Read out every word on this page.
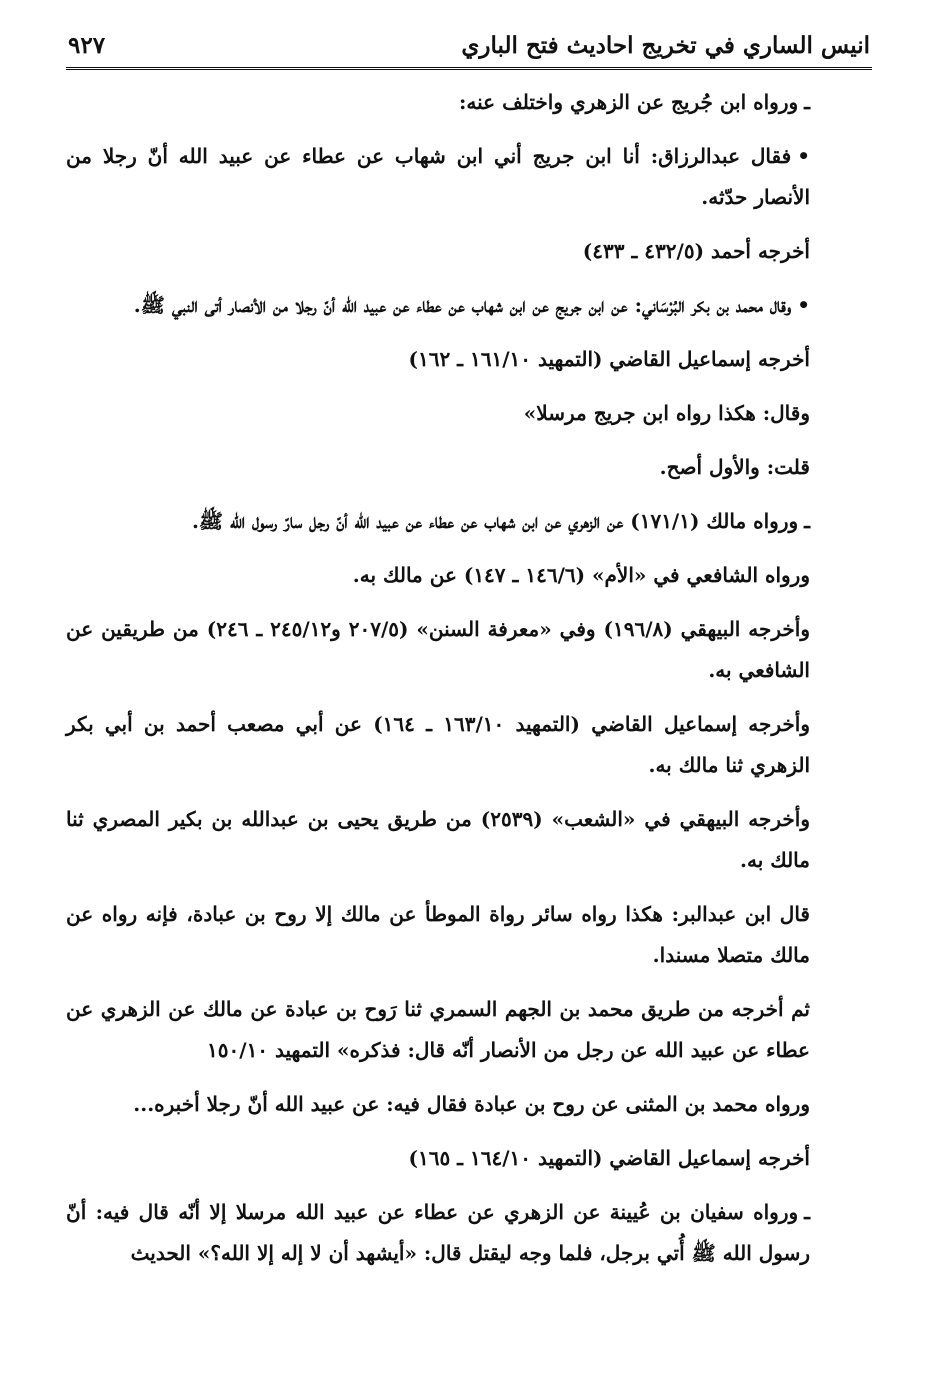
انيس الساري في تخريج احاديث فتح الباري
٩٢٧

ـورواه ابن جُريج عن الزهري واختلف عنه:

•فقال عبدالرزاق: أنا ابن جريج أني ابن شهاب عن عطاء عن عبيد الله أنّ رجلا من الأنصار حدّثه.

أخرجه أحمد (٤٣٢/٥ ـ ٤٣٣)

•وقال محمد بن بكر البُرْسَاني: عن ابن جريج عن ابن شهاب عن عطاء عن عبيد الله أنّ رجلا من الأنصار أتى النبي ﷺ.

أخرجه إسماعيل القاضي (التمهيد ١٦١/١٠ ـ ١٦٢)

وقال: هكذا رواه ابن جريج مرسلا»

قلت: والأول أصح.

ـورواه مالك (١٧١/١) عن الزهري عن ابن شهاب عن عطاء عن عبيد الله أنّ رجل سارّ رسول الله ﷺ.

ورواه الشافعي في «الأم» (١٤٦/٦ ـ ١٤٧) عن مالك به.

وأخرجه البيهقي (١٩٦/٨) وفي «معرفة السنن» (٢٠٧/٥ و٢٤٥/١٢ ـ ٢٤٦) من طريقين عن الشافعي به.

وأخرجه إسماعيل القاضي (التمهيد ١٦٣/١٠ ـ ١٦٤) عن أبي مصعب أحمد بن أبي بكر الزهري ثنا مالك به.

وأخرجه البيهقي في «الشعب» (٢٥٣٩) من طريق يحيى بن عبدالله بن بكير المصري ثنا مالك به.

قال ابن عبدالبر: هكذا رواه سائر رواة الموطأ عن مالك إلا روح بن عبادة، فإنه رواه عن مالك متصلا مسندا.

ثم أخرجه من طريق محمد بن الجهم السمري ثنا رَوح بن عبادة عن مالك عن الزهري عن عطاء عن عبيد الله عن رجل من الأنصار أنّه قال: فذكره» التمهيد ١٥٠/١٠

ورواه محمد بن المثنى عن روح بن عبادة فقال فيه: عن عبيد الله أنّ رجلا أخبره...

أخرجه إسماعيل القاضي (التمهيد ١٦٤/١٠ ـ ١٦٥)

ـورواه سفيان بن عُيينة عن الزهري عن عطاء عن عبيد الله مرسلا إلا أنّه قال فيه: أنّ رسول الله ﷺ أُتي برجل، فلما وجه ليقتل قال: «أيشهد أن لا إله إلا الله؟» الحديث
